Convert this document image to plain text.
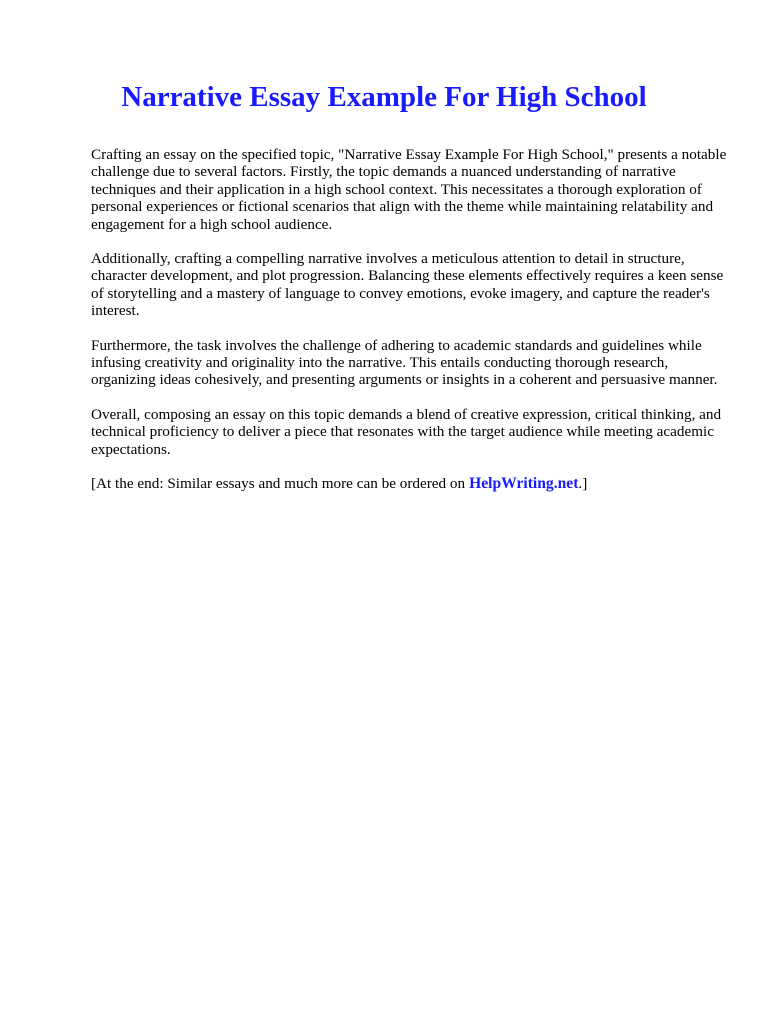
Narrative Essay Example For High School

Crafting an essay on the specified topic, "Narrative Essay Example For High School," presents a notable challenge due to several factors. Firstly, the topic demands a nuanced understanding of narrative techniques and their application in a high school context. This necessitates a thorough exploration of personal experiences or fictional scenarios that align with the theme while maintaining relatability and engagement for a high school audience.

Additionally, crafting a compelling narrative involves a meticulous attention to detail in structure, character development, and plot progression. Balancing these elements effectively requires a keen sense of storytelling and a mastery of language to convey emotions, evoke imagery, and capture the reader's interest.

Furthermore, the task involves the challenge of adhering to academic standards and guidelines while infusing creativity and originality into the narrative. This entails conducting thorough research, organizing ideas cohesively, and presenting arguments or insights in a coherent and persuasive manner.

Overall, composing an essay on this topic demands a blend of creative expression, critical thinking, and technical proficiency to deliver a piece that resonates with the target audience while meeting academic expectations.

[At the end: Similar essays and much more can be ordered on HelpWriting.net.]
